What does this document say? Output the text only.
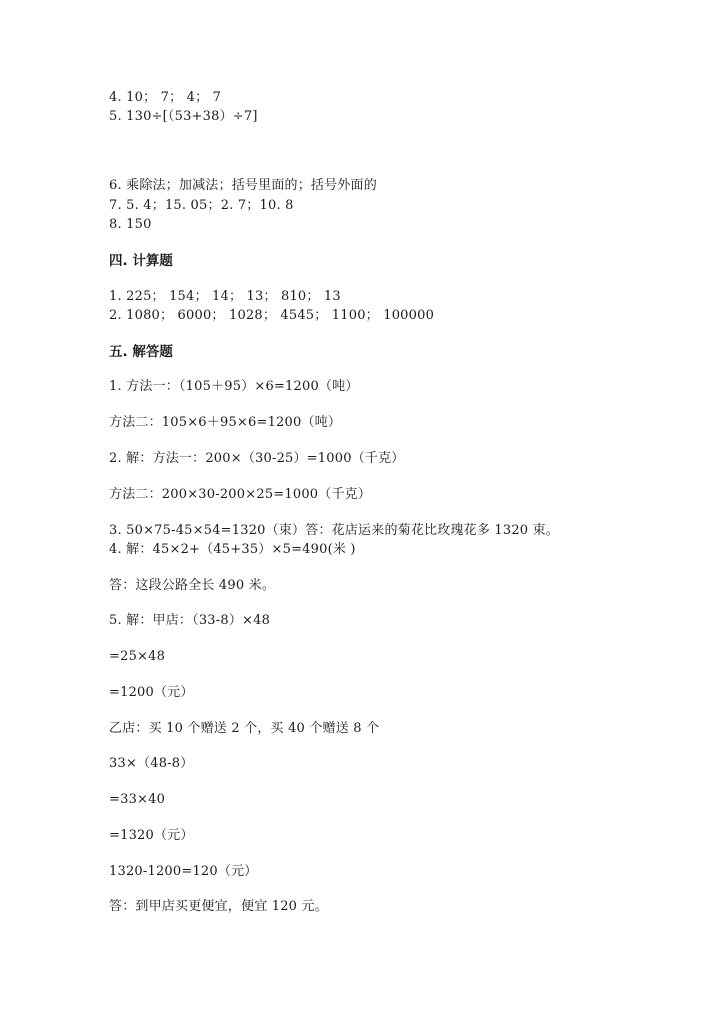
4. 10； 7； 4； 7
5. 130÷[（53+38）÷7]
6. 乘除法；加减法；括号里面的；括号外面的
7. 5. 4；15. 05；2. 7；10. 8
8. 150
四. 计算题
1. 225； 154； 14； 13； 810； 13
2. 1080； 6000； 1028； 4545； 1100； 100000
五. 解答题
1. 方法一：（105＋95）×6=1200（吨）
方法二：105×6＋95×6=1200（吨）
2. 解：方法一：200×（30-25）=1000（千克）
方法二：200×30-200×25=1000（千克）
3. 50×75-45×54=1320（束）答：花店运来的菊花比玫瑰花多 1320 束。
4. 解：45×2+（45+35）×5=490(米 )
答：这段公路全长 490 米。
5. 解：甲店：（33-8）×48
=25×48
=1200（元）
乙店：买 10 个赠送 2 个，买 40 个赠送 8 个
33×（48-8）
=33×40
=1320（元）
1320-1200=120（元）
答：到甲店买更便宜，便宜 120 元。
